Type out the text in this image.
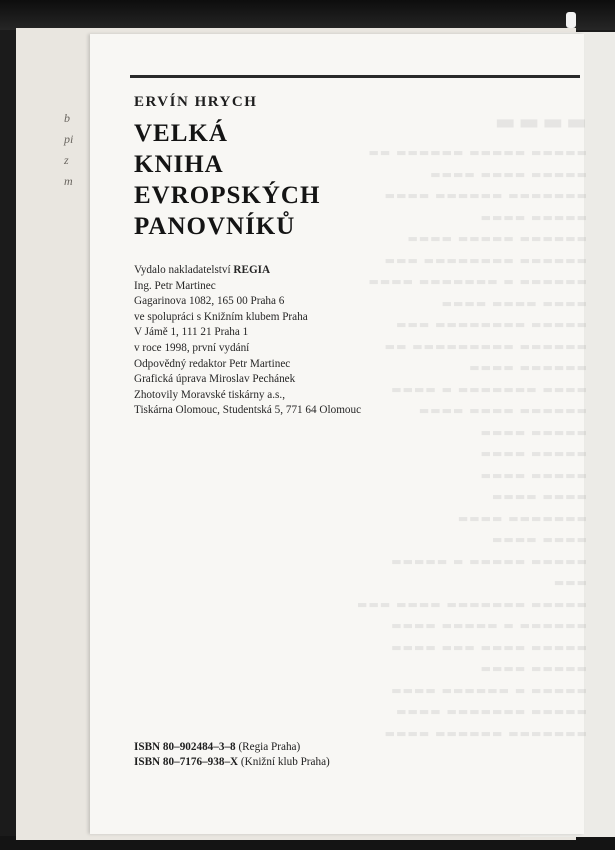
b
pi
z
m
ERVÍN HRYCH
VELKÁ
KNIHA
EVROPSKÝCH
PANOVNÍKŮ
Vydalo nakladatelství REGIA
Ing. Petr Martinec
Gagarinova 1082, 165 00 Praha 6
ve spolupráci s Knižním klubem Praha
V Jámě 1, 111 21 Praha 1
v roce 1998, první vydání
Odpovědný redaktor Petr Martinec
Grafická úprava Miroslav Pechánek
Zhotovily Moravské tiskárny a.s.,
Tiskárna Olomouc, Studentská 5, 771 64 Olomouc
ISBN 80–902484–3–8 (Regia Praha)
ISBN 80–7176–938–X (Knižní klub Praha)
